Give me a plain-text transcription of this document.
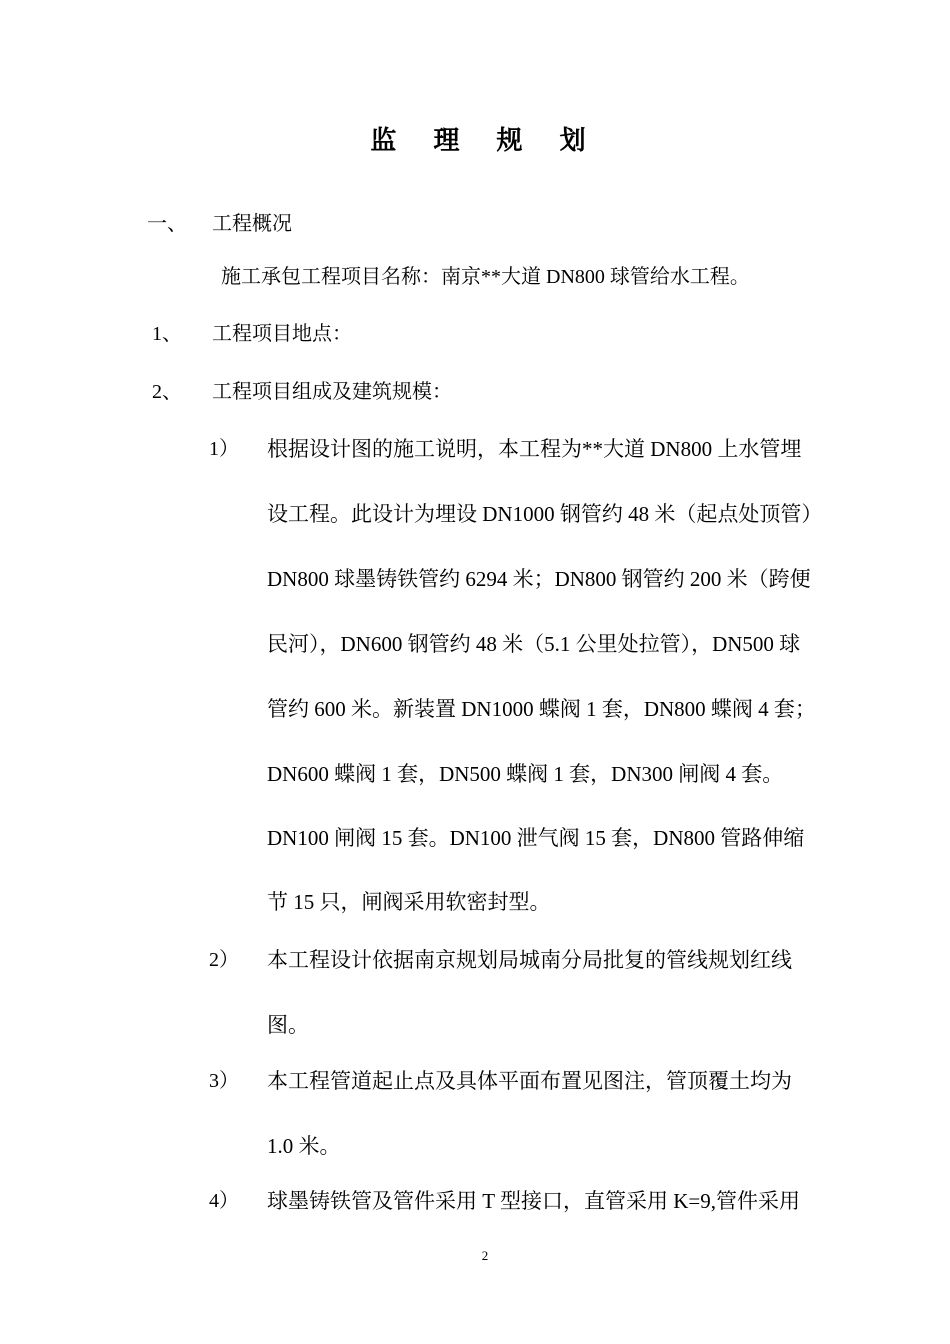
监 理 规 划
一、 工程概况
施工承包工程项目名称：南京**大道 DN800 球管给水工程。
1、 工程项目地点：
2、 工程项目组成及建筑规模：
1） 根据设计图的施工说明，本工程为**大道 DN800 上水管埋
设工程。此设计为埋设 DN1000 钢管约 48 米（起点处顶管）
DN800 球墨铸铁管约 6294 米；DN800 钢管约 200 米（跨便
民河），DN600 钢管约 48 米（5.1 公里处拉管），DN500 球
管约 600 米。新装置 DN1000 蝶阀 1 套，DN800 蝶阀 4 套；
DN600 蝶阀 1 套，DN500 蝶阀 1 套，DN300 闸阀 4 套。
DN100 闸阀 15 套。DN100 泄气阀 15 套，DN800 管路伸缩
节 15 只，闸阀采用软密封型。
2） 本工程设计依据南京规划局城南分局批复的管线规划红线
图。
3） 本工程管道起止点及具体平面布置见图注，管顶覆土均为
1.0 米。
4） 球墨铸铁管及管件采用 T 型接口，直管采用 K=9,管件采用
2
